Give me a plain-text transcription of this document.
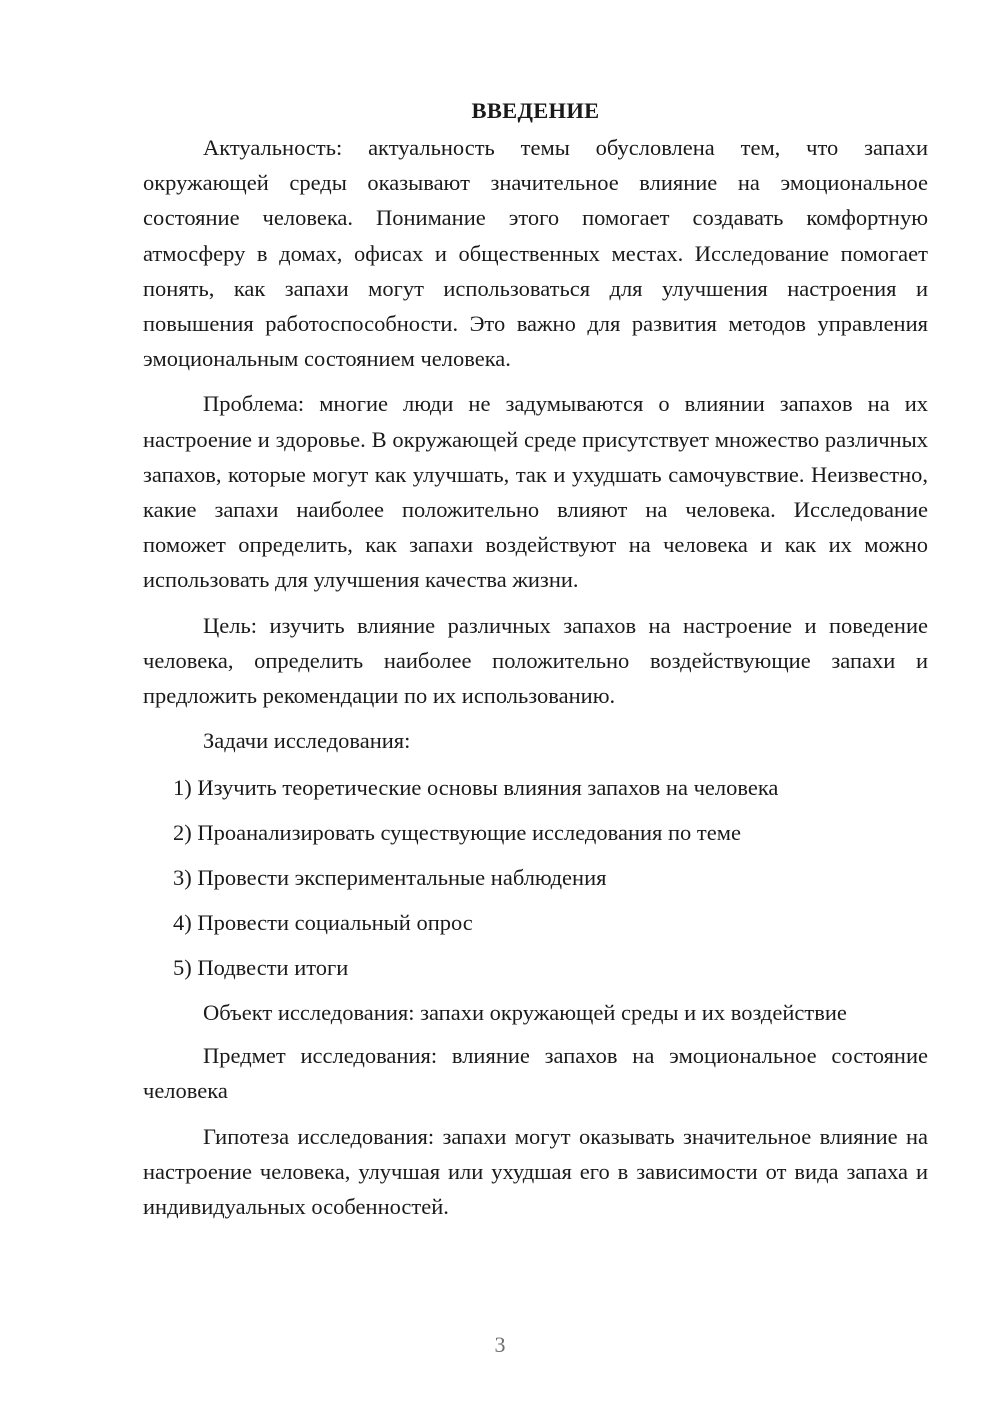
ВВЕДЕНИЕ

Актуальность: актуальность темы обусловлена тем, что запахи окружающей среды оказывают значительное влияние на эмоциональное состояние человека. Понимание этого помогает создавать комфортную атмосферу в домах, офисах и общественных местах. Исследование помогает понять, как запахи могут использоваться для улучшения настроения и повышения работоспособности. Это важно для развития методов управления эмоциональным состоянием человека.

Проблема: многие люди не задумываются о влиянии запахов на их настроение и здоровье. В окружающей среде присутствует множество различных запахов, которые могут как улучшать, так и ухудшать самочувствие. Неизвестно, какие запахи наиболее положительно влияют на человека. Исследование поможет определить, как запахи воздействуют на человека и как их можно использовать для улучшения качества жизни.

Цель: изучить влияние различных запахов на настроение и поведение человека, определить наиболее положительно воздействующие запахи и предложить рекомендации по их использованию.

Задачи исследования:

1) Изучить теоретические основы влияния запахов на человека

2) Проанализировать существующие исследования по теме

3) Провести экспериментальные наблюдения

4) Провести социальный опрос

5) Подвести итоги

Объект исследования: запахи окружающей среды и их воздействие

Предмет исследования: влияние запахов на эмоциональное состояние человека

Гипотеза исследования: запахи могут оказывать значительное влияние на настроение человека, улучшая или ухудшая его в зависимости от вида запаха и индивидуальных особенностей.

3
